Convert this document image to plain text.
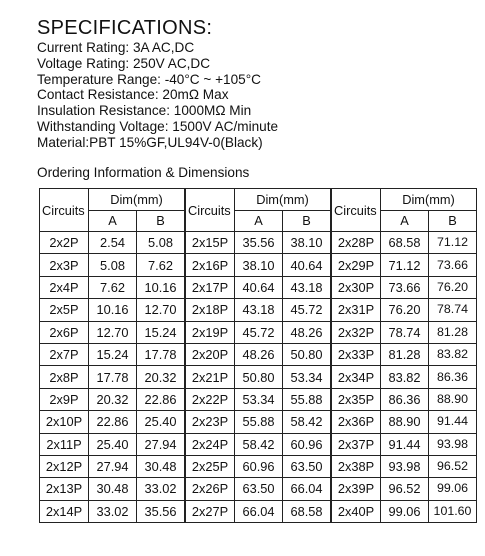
SPECIFICATIONS:
Current Rating: 3A AC,DC
Voltage Rating: 250V AC,DC
Temperature Range: -40°C ~ +105°C
Contact Resistance: 20mΩ Max
Insulation Resistance: 1000MΩ Min
Withstanding Voltage: 1500V AC/minute
Material:PBT 15%GF,UL94V-0(Black)
Ordering Information & Dimensions
Circuits	Dim(mm)	
	A	B
2x2P	2.54	5.08
2x3P	5.08	7.62
2x4P	7.62	10.16
2x5P	10.16	12.70
2x6P	12.70	15.24
2x7P	15.24	17.78
2x8P	17.78	20.32
2x9P	20.32	22.86
2x10P	22.86	25.40
2x11P	25.40	27.94
2x12P	27.94	30.48
2x13P	30.48	33.02
2x14P	33.02	35.56
Circuits	Dim(mm)	
	A	B
2x15P	35.56	38.10
2x16P	38.10	40.64
2x17P	40.64	43.18
2x18P	43.18	45.72
2x19P	45.72	48.26
2x20P	48.26	50.80
2x21P	50.80	53.34
2x22P	53.34	55.88
2x23P	55.88	58.42
2x24P	58.42	60.96
2x25P	60.96	63.50
2x26P	63.50	66.04
2x27P	66.04	68.58
Circuits	Dim(mm)	
	A	B
2x28P	68.58	71.12
2x29P	71.12	73.66
2x30P	73.66	76.20
2x31P	76.20	78.74
2x32P	78.74	81.28
2x33P	81.28	83.82
2x34P	83.82	86.36
2x35P	86.36	88.90
2x36P	88.90	91.44
2x37P	91.44	93.98
2x38P	93.98	96.52
2x39P	96.52	99.06
2x40P	99.06	101.60
